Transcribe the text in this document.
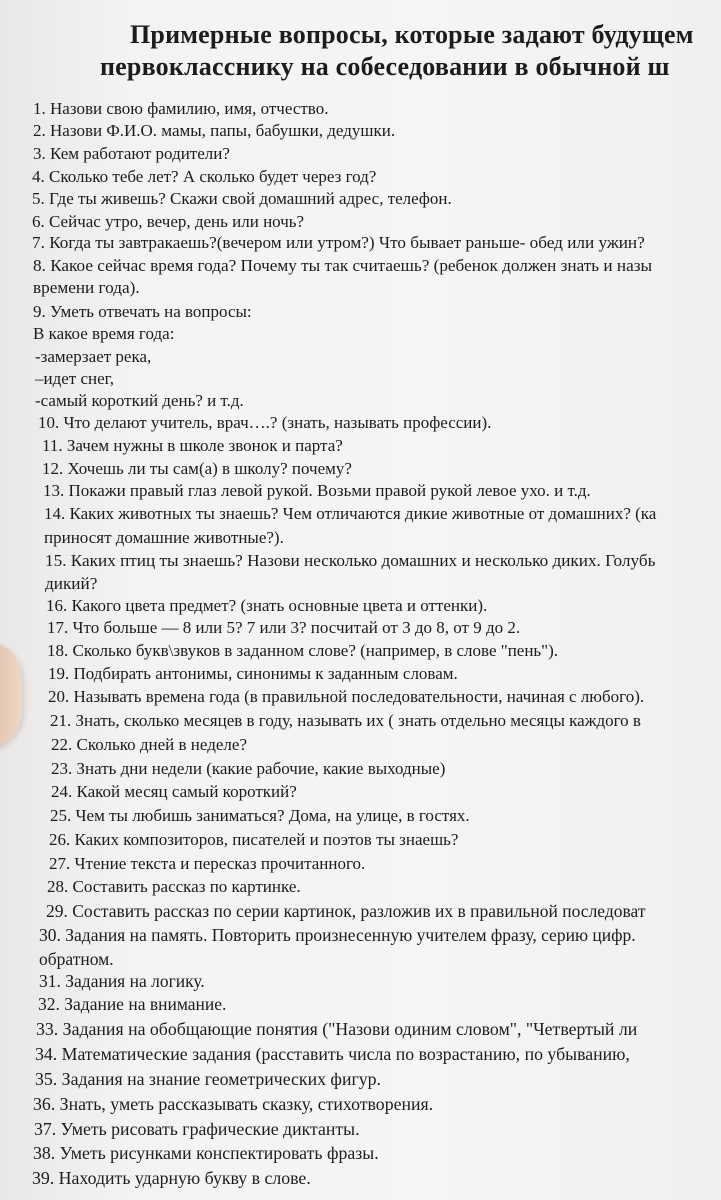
Примерные вопросы, которые задают будущем
первокласснику на собеседовании в обычной ш
1. Назови свою фамилию, имя, отчество.
2. Назови Ф.И.О. мамы, папы, бабушки, дедушки.
3. Кем работают родители?
4. Сколько тебе лет? А сколько будет через год?
5. Где ты живешь? Скажи свой домашний адрес, телефон.
6. Сейчас утро, вечер, день или ночь?
7. Когда ты завтракаешь?(вечером или утром?) Что бывает раньше- обед или ужин?
8. Какое сейчас время года? Почему ты так считаешь? (ребенок должен знать и назы
времени года).
9. Уметь отвечать на вопросы:
В какое время года:
-замерзает река,
–идет снег,
-самый короткий день? и т.д.
10. Что делают учитель, врач….? (знать, называть профессии).
11. Зачем нужны в школе звонок и парта?
12. Хочешь ли ты сам(а) в школу? почему?
13. Покажи правый глаз левой рукой. Возьми правой рукой левое ухо. и т.д.
14. Каких животных ты знаешь? Чем отличаются дикие животные от домашних? (ка
приносят домашние животные?).
15. Каких птиц ты знаешь? Назови несколько домашних и несколько диких. Голубь
дикий?
16. Какого цвета предмет? (знать основные цвета и оттенки).
17. Что больше — 8 или 5? 7 или 3? посчитай от 3 до 8, от 9 до 2.
18. Сколько букв\звуков в заданном слове? (например, в слове "пень").
19. Подбирать антонимы, синонимы к заданным словам.
20. Называть времена года (в правильной последовательности, начиная с любого).
21. Знать, сколько месяцев в году, называть их ( знать отдельно месяцы каждого в
22. Сколько дней в неделе?
23. Знать дни недели (какие рабочие, какие выходные)
24. Какой месяц самый короткий?
25. Чем ты любишь заниматься? Дома, на улице, в гостях.
26. Каких композиторов, писателей и поэтов ты знаешь?
27. Чтение текста и пересказ прочитанного.
28. Составить рассказ по картинке.
29. Составить рассказ по серии картинок, разложив их в правильной последоват
30. Задания на память. Повторить произнесенную учителем фразу, серию цифр.
обратном.
31. Задания на логику.
32. Задание на внимание.
33. Задания на обобщающие понятия ("Назови одиним словом", "Четвертый ли
34. Математические задания (расставить числа по возрастанию, по убыванию,
35. Задания на знание геометрических фигур.
36. Знать, уметь рассказывать сказку, стихотворения.
37. Уметь рисовать графические диктанты.
38. Уметь рисунками конспектировать фразы.
39. Находить ударную букву в слове.
